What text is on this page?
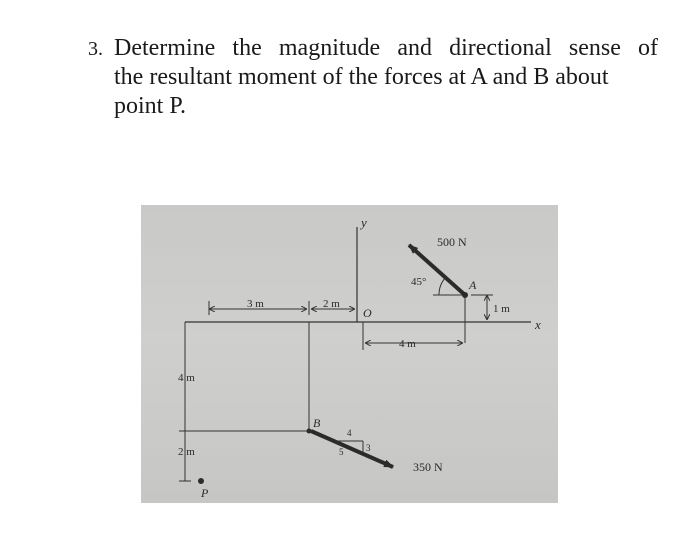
3. Determine the magnitude and directional sense of
the resultant moment of the forces at A and B about
point P.
y
x
O
A
B
P
500 N
350 N
45°
4
3
5
3 m	2 m
4 m
1 m
4 m
2 m
